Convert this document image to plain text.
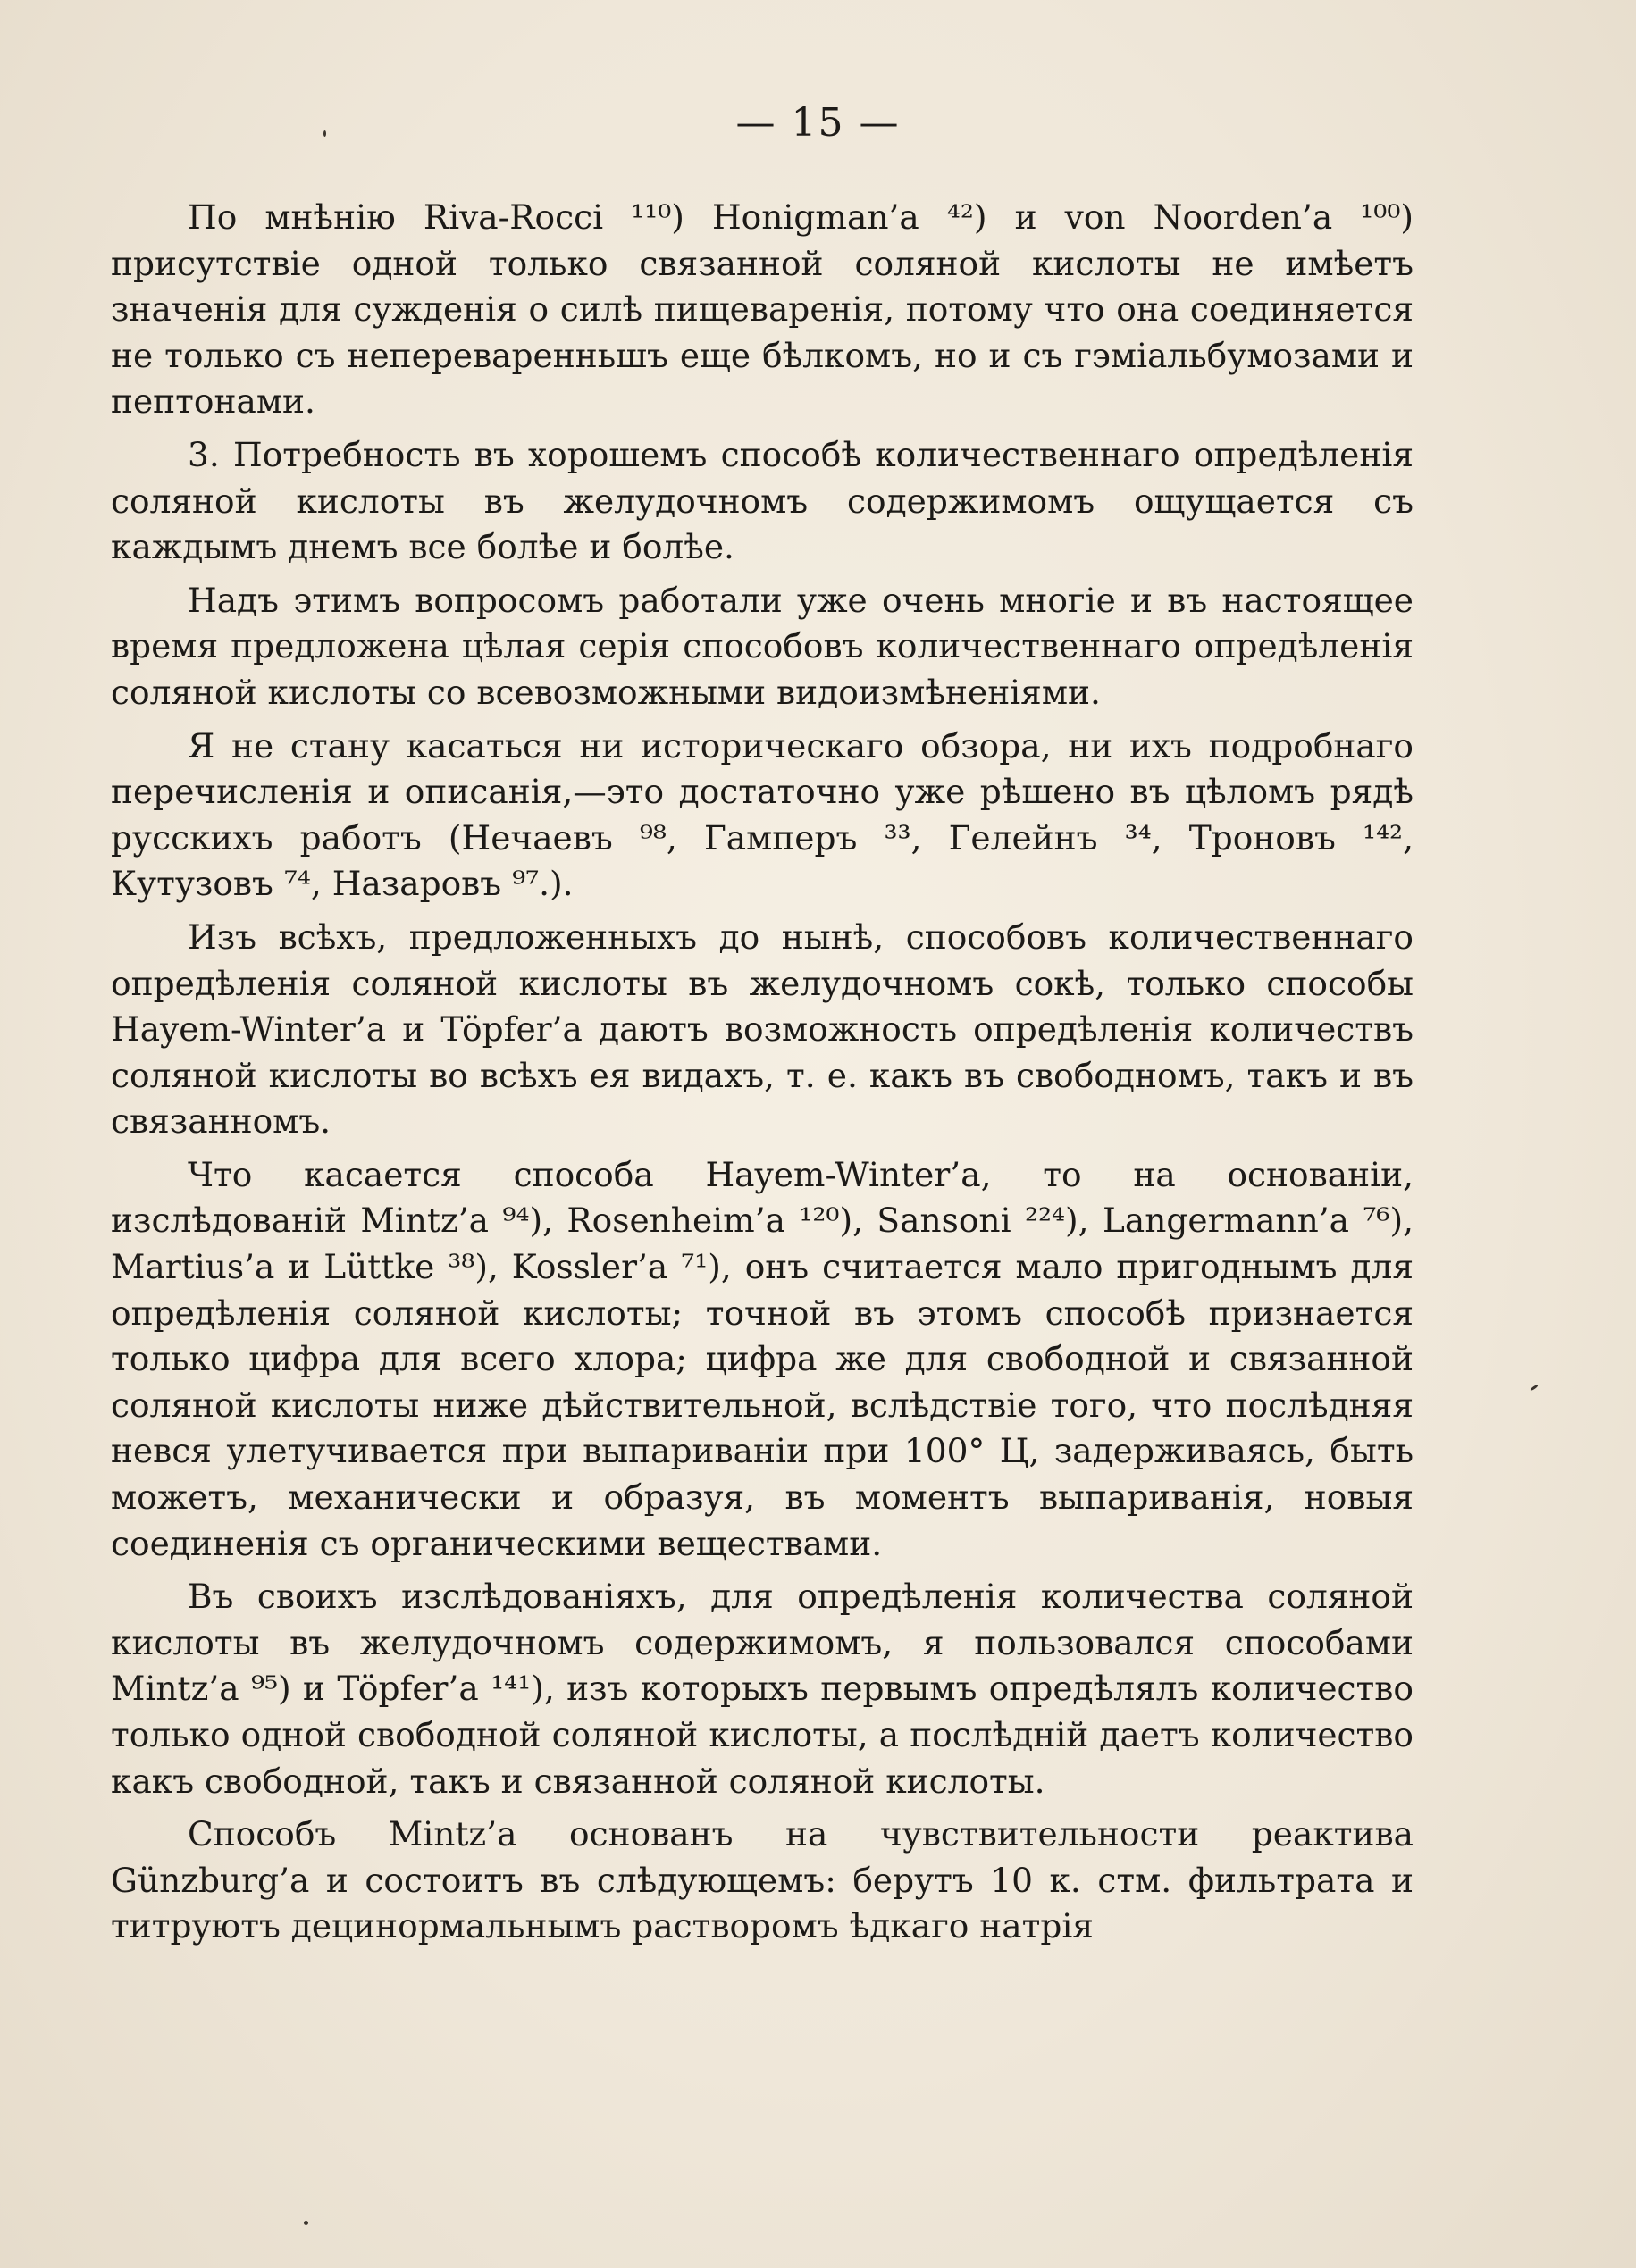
— 15 —

По мнѣнію Riva-Rocci ¹¹⁰) Honigman’a ⁴²) и von Noorden’a ¹⁰⁰) присутствіе одной только связанной соляной кислоты не имѣетъ значенія для сужденія о силѣ пищеваренія, потому что она соединяется не только съ непереваренньшъ еще бѣлкомъ, но и съ гэміальбумозами и пептонами.

3. Потребность въ хорошемъ способѣ количественнаго опредѣленія соляной кислоты въ желудочномъ содержимомъ ощущается съ каждымъ днемъ все болѣе и болѣе.

Надъ этимъ вопросомъ работали уже очень многіе и въ настоящее время предложена цѣлая серія способовъ количественнаго опредѣленія соляной кислоты со всевозможными видоизмѣненіями.

Я не стану касаться ни историческаго обзора, ни ихъ подробнаго перечисленія и описанія,—это достаточно уже рѣшено въ цѣломъ рядѣ русскихъ работъ (Нечаевъ ⁹⁸, Гамперъ ³³, Гелейнъ ³⁴, Троновъ ¹⁴², Кутузовъ ⁷⁴, Назаровъ ⁹⁷.).

Изъ всѣхъ, предложенныхъ до нынѣ, способовъ количественнаго опредѣленія соляной кислоты въ желудочномъ сокѣ, только способы Hayem-Winter’a и Töpfer’a даютъ возможность опредѣленія количествъ соляной кислоты во всѣхъ ея видахъ, т. е. какъ въ свободномъ, такъ и въ связанномъ.

Что касается способа Hayem-Winter’a, то на основаніи, изслѣдованій Mintz’a ⁹⁴), Rosenheim’a ¹²⁰), Sansoni ²²⁴), Langermann’a ⁷⁶), Martius’a и Lüttke ³⁸), Kossler’a ⁷¹), онъ считается мало пригоднымъ для опредѣленія соляной кислоты; точной въ этомъ способѣ признается только цифра для всего хлора; цифра же для свободной и связанной соляной кислоты ниже дѣйствительной, вслѣдствіе того, что послѣдняя невся улетучивается при выпариваніи при 100° Ц, задерживаясь, быть можетъ, механически и образуя, въ моментъ выпариванія, новыя соединенія съ органическими веществами.

Въ своихъ изслѣдованіяхъ, для опредѣленія количества соляной кислоты въ желудочномъ содержимомъ, я пользовался способами Mintz’a ⁹⁵) и Töpfer’a ¹⁴¹), изъ которыхъ первымъ опредѣлялъ количество только одной свободной соляной кислоты, а послѣдній даетъ количество какъ свободной, такъ и связанной соляной кислоты.

Способъ Mintz’a основанъ на чувствительности реактива Günzburg’a и состоитъ въ слѣдующемъ: берутъ 10 к. стм. фильтрата и титруютъ децинормальнымъ растворомъ ѣдкаго натрія
